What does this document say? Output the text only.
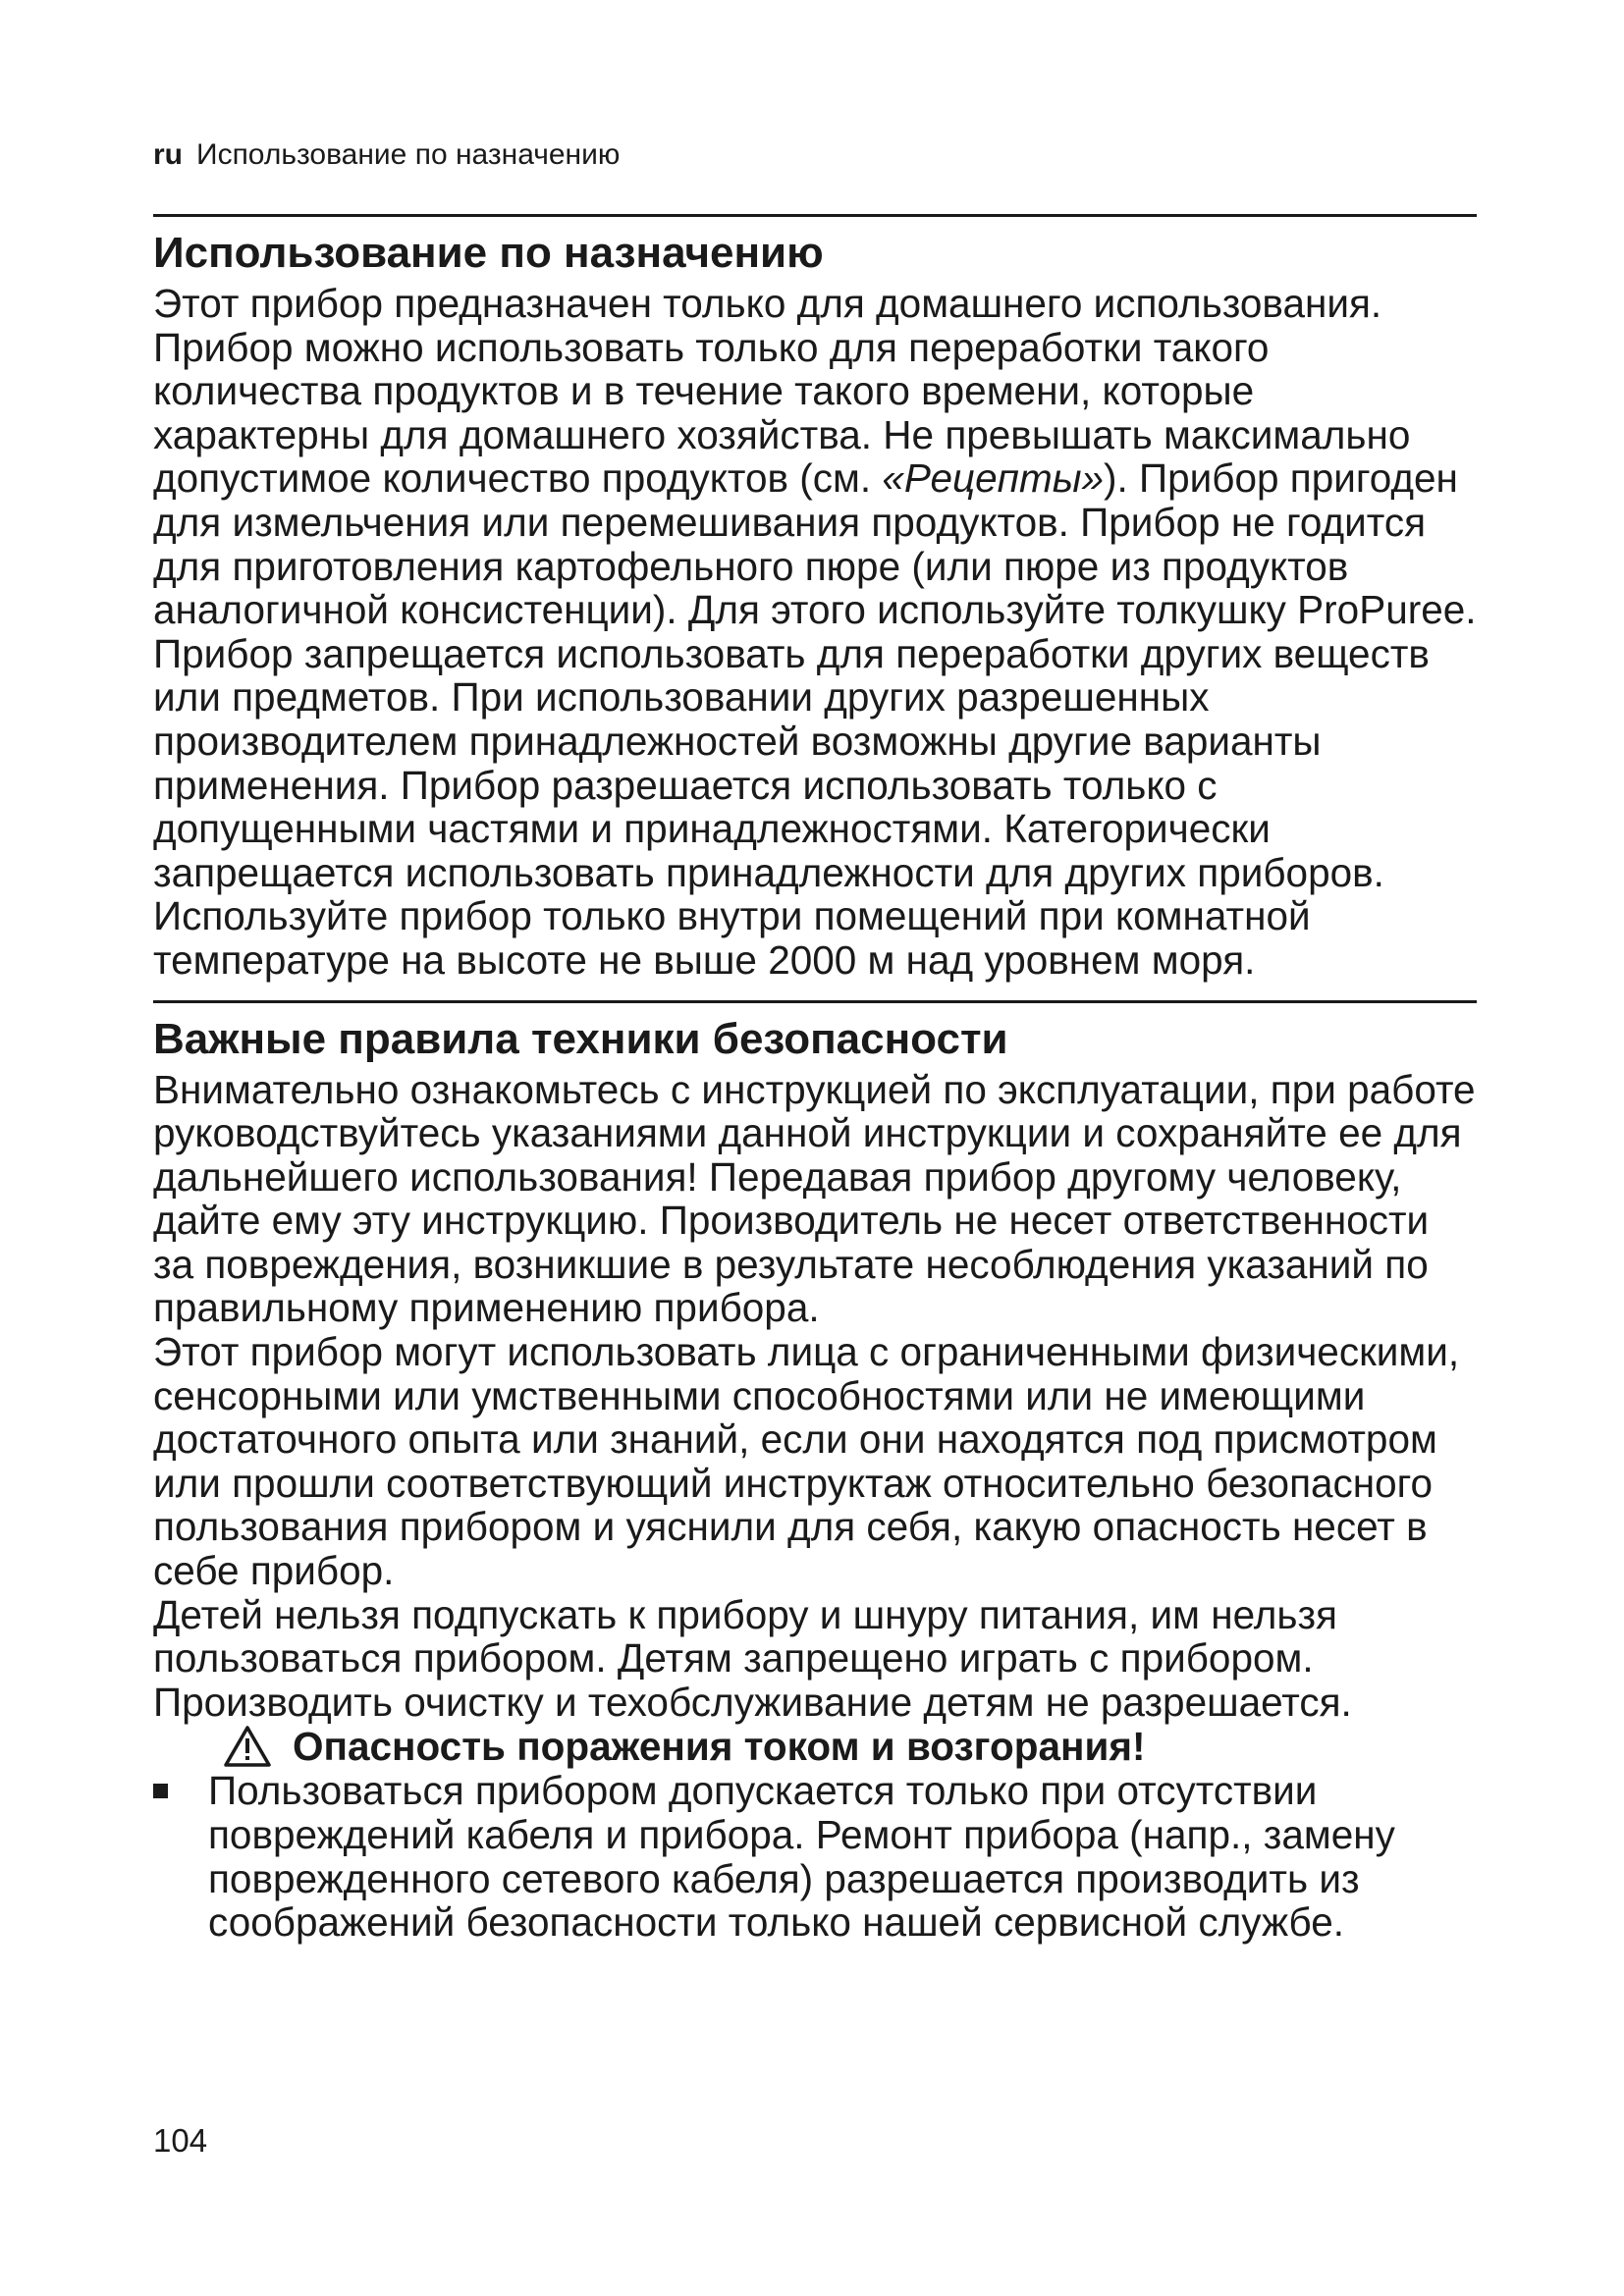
ru Использование по назначению
Использование по назначению

Этот прибор предназначен только для домашнего использования. Прибор можно использовать только для переработки такого количества продуктов и в течение такого времени, которые характерны для домашнего хозяйства. Не превышать максимально допустимое количество продуктов (см. «Рецепты»). Прибор пригоден для измельчения или перемешивания продуктов. Прибор не годится для приготовления картофельного пюре (или пюре из продуктов аналогичной консистенции). Для этого используйте толкушку ProPuree. Прибор запрещается использовать для переработки других веществ или предметов. При использовании других разрешенных производителем принадлежностей возможны другие варианты применения. Прибор разрешается использовать только с допущенными частями и принадлежностями. Категорически запрещается использовать принадлежности для других приборов.

Используйте прибор только внутри помещений при комнатной температуре на высоте не выше 2000 м над уровнем моря.

Важные правила техники безопасности

Внимательно ознакомьтесь с инструкцией по эксплуатации, при работе руководствуйтесь указаниями данной инструкции и сохраняйте ее для дальнейшего использования! Передавая прибор другому человеку, дайте ему эту инструкцию. Производитель не несет ответственности за повреждения, возникшие в результате несоблюдения указаний по правильному применению прибора.

Этот прибор могут использовать лица с ограниченными физическими, сенсорными или умственными способностями или не имеющими достаточного опыта или знаний, если они находятся под присмотром или прошли соответствующий инструктаж относительно безопасного пользования прибором и уяснили для себя, какую опасность несет в себе прибор.

Детей нельзя подпускать к прибору и шнуру питания, им нельзя пользоваться прибором. Детям запрещено играть с прибором. Производить очистку и техобслуживание детям не разрешается.

Опасность поражения током и возгорания!
Пользоваться прибором допускается только при отсутствии повреждений кабеля и прибора. Ремонт прибора (напр., замену поврежденного сетевого кабеля) разрешается производить из соображений безопасности только нашей сервисной службе.
104
